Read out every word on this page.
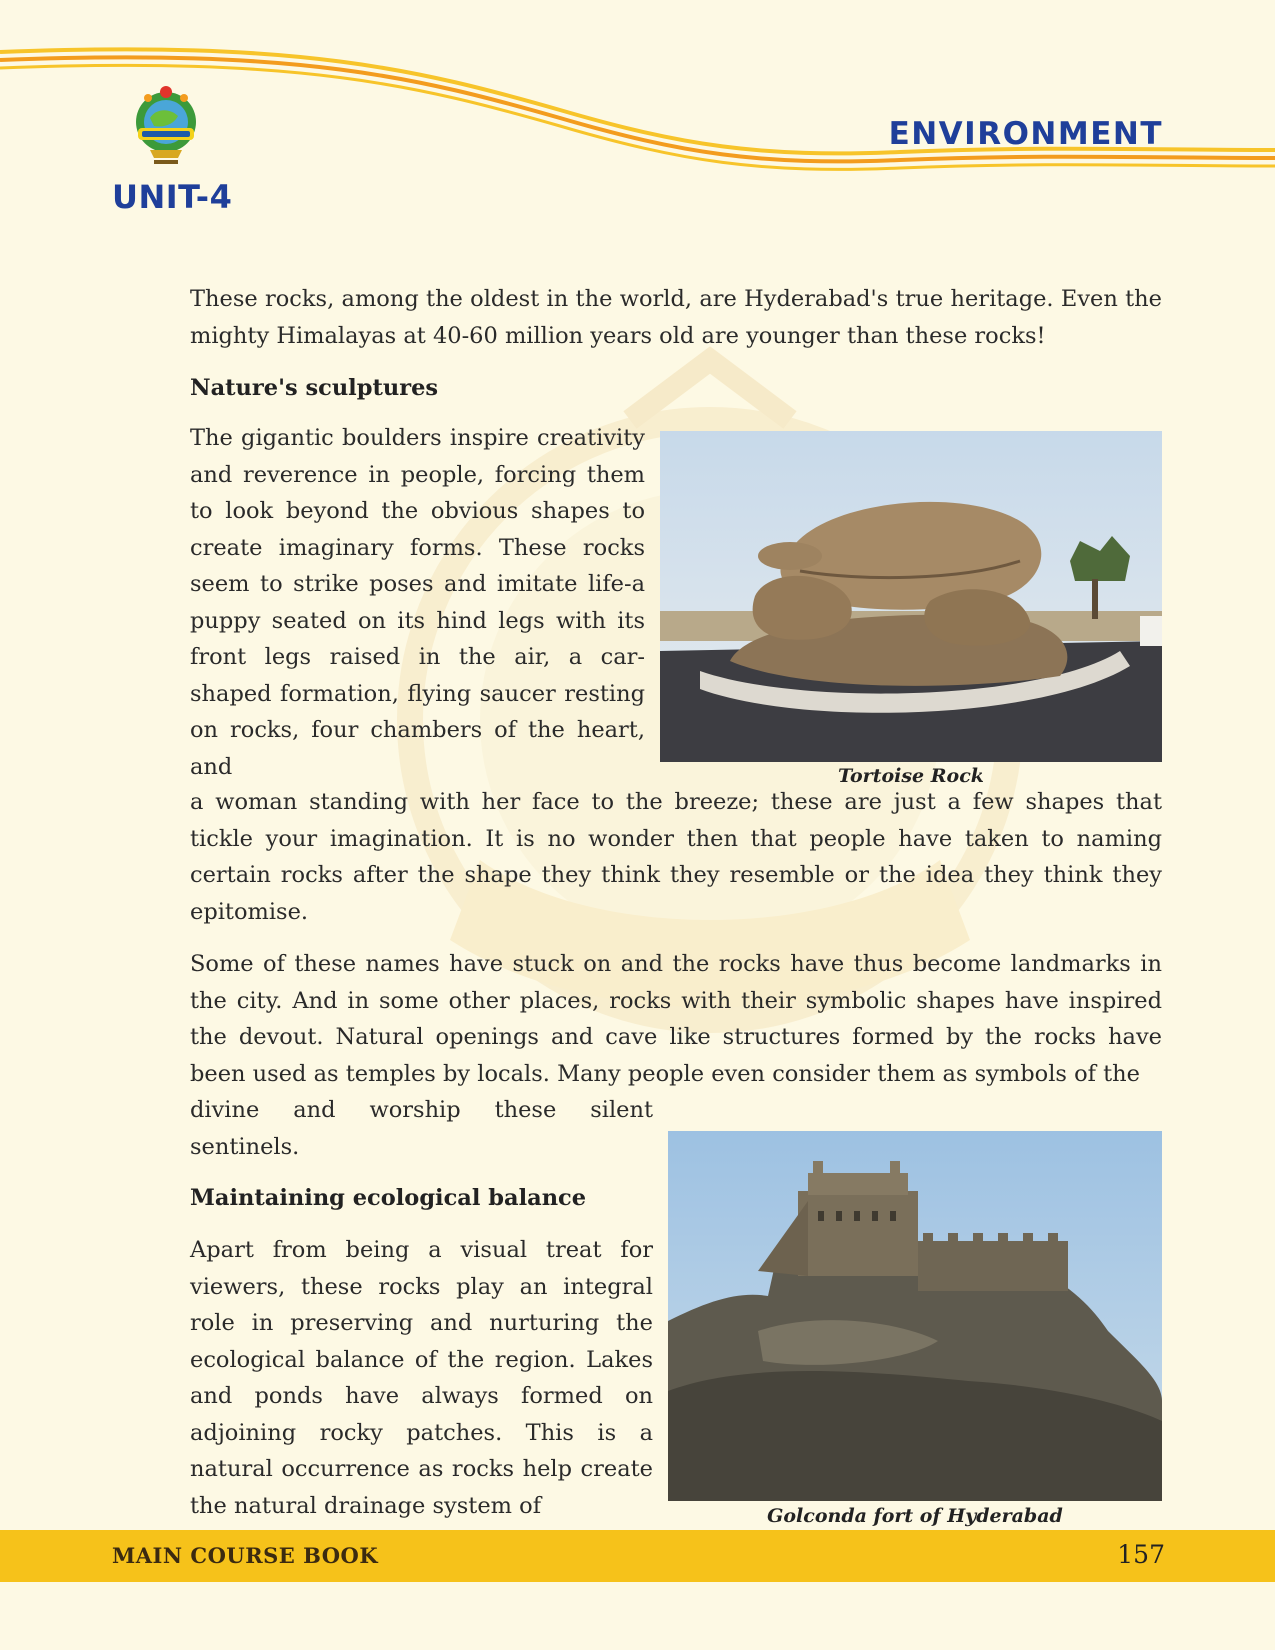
UNIT-4
ENVIRONMENT

These rocks, among the oldest in the world, are Hyderabad's true heritage. Even the mighty Himalayas at 40-60 million years old are younger than these rocks!

Nature's sculptures

The gigantic boulders inspire creativity and reverence in people, forcing them to look beyond the obvious shapes to create imaginary forms. These rocks seem to strike poses and imitate life-a puppy seated on its hind legs with its front legs raised in the air, a car-shaped formation, flying saucer resting on rocks, four chambers of the heart, and	Tortoise Rock

a woman standing with her face to the breeze; these are just a few shapes that tickle your imagination. It is no wonder then that people have taken to naming certain rocks after the shape they think they resemble or the idea they think they epitomise.

Some of these names have stuck on and the rocks have thus become landmarks in the city. And in some other places, rocks with their symbolic shapes have inspired the devout. Natural openings and cave like structures formed by the rocks have been used as temples by locals. Many people even consider them as symbols of the

divine and worship these silent sentinels.

Maintaining ecological balance

Apart from being a visual treat for viewers, these rocks play an integral role in preserving and nurturing the ecological balance of the region. Lakes and ponds have always formed on adjoining rocky patches. This is a natural occurrence as rocks help create the natural drainage system of	Golconda fort of Hyderabad
MAIN COURSE BOOK	157
